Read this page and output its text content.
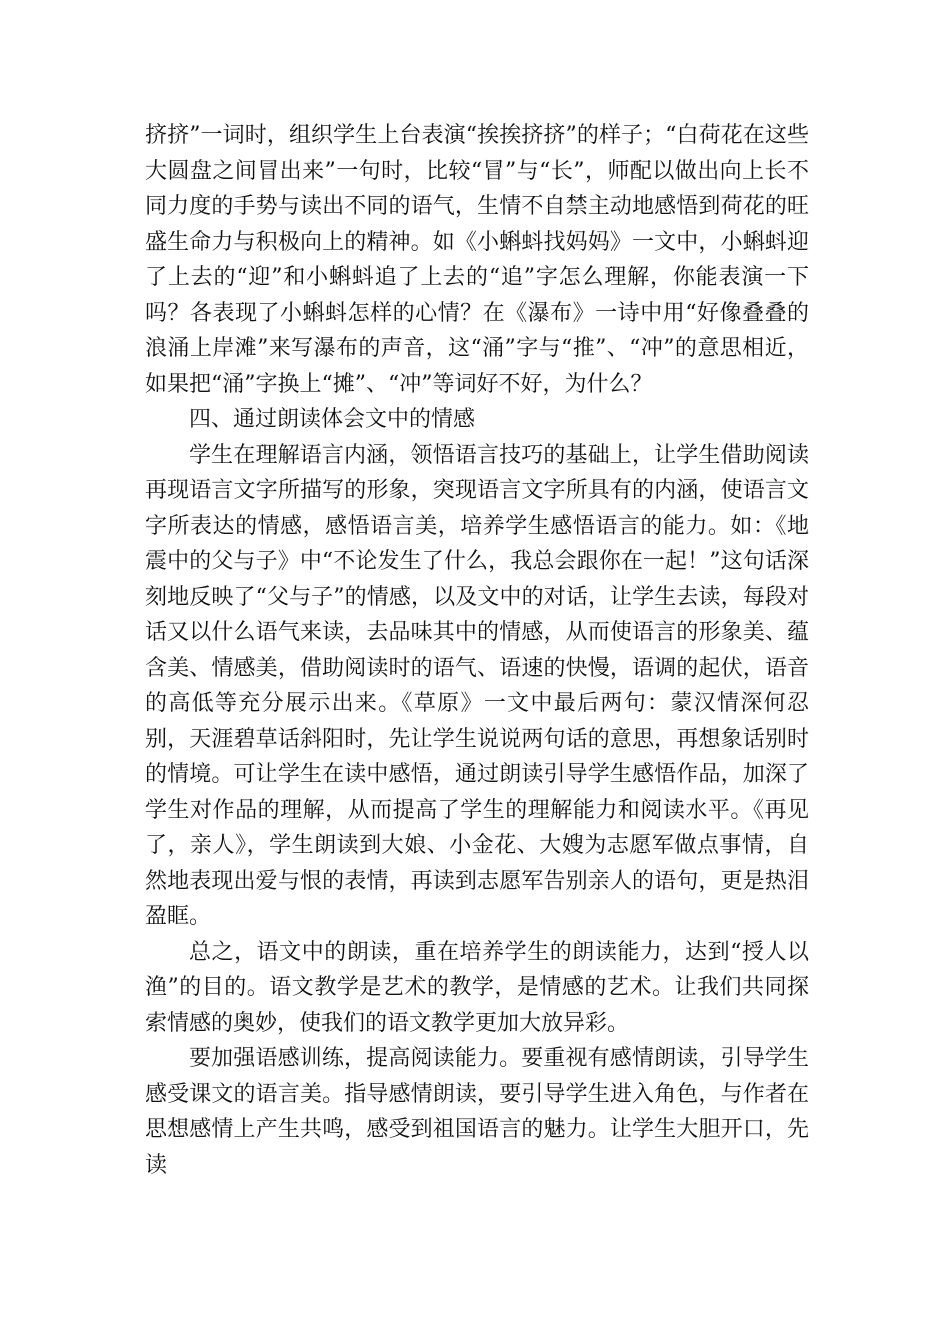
挤挤”一词时，组织学生上台表演“挨挨挤挤”的样子；“白荷花在这些大圆盘之间冒出来”一句时，比较“冒”与“长”，师配以做出向上长不同力度的手势与读出不同的语气，生情不自禁主动地感悟到荷花的旺盛生命力与积极向上的精神。如《小蝌蚪找妈妈》一文中，小蝌蚪迎了上去的“迎”和小蝌蚪追了上去的“追”字怎么理解，你能表演一下吗？各表现了小蝌蚪怎样的心情？在《瀑布》一诗中用“好像叠叠的浪涌上岸滩”来写瀑布的声音，这“涌”字与“推”、“冲”的意思相近，如果把“涌”字换上“摊”、“冲”等词好不好，为什么？

四、通过朗读体会文中的情感

学生在理解语言内涵，领悟语言技巧的基础上，让学生借助阅读再现语言文字所描写的形象，突现语言文字所具有的内涵，使语言文字所表达的情感，感悟语言美，培养学生感悟语言的能力。如：《地震中的父与子》中“不论发生了什么，我总会跟你在一起！”这句话深刻地反映了“父与子”的情感，以及文中的对话，让学生去读，每段对话又以什么语气来读，去品味其中的情感，从而使语言的形象美、蕴含美、情感美，借助阅读时的语气、语速的快慢，语调的起伏，语音的高低等充分展示出来。《草原》一文中最后两句：蒙汉情深何忍别，天涯碧草话斜阳时，先让学生说说两句话的意思，再想象话别时的情境。可让学生在读中感悟，通过朗读引导学生感悟作品，加深了学生对作品的理解，从而提高了学生的理解能力和阅读水平。《再见了，亲人》，学生朗读到大娘、小金花、大嫂为志愿军做点事情，自然地表现出爱与恨的表情，再读到志愿军告别亲人的语句，更是热泪盈眶。

总之，语文中的朗读，重在培养学生的朗读能力，达到“授人以渔”的目的。语文教学是艺术的教学，是情感的艺术。让我们共同探索情感的奥妙，使我们的语文教学更加大放异彩。

要加强语感训练，提高阅读能力。要重视有感情朗读，引导学生感受课文的语言美。指导感情朗读，要引导学生进入角色，与作者在思想感情上产生共鸣，感受到祖国语言的魅力。让学生大胆开口，先读
